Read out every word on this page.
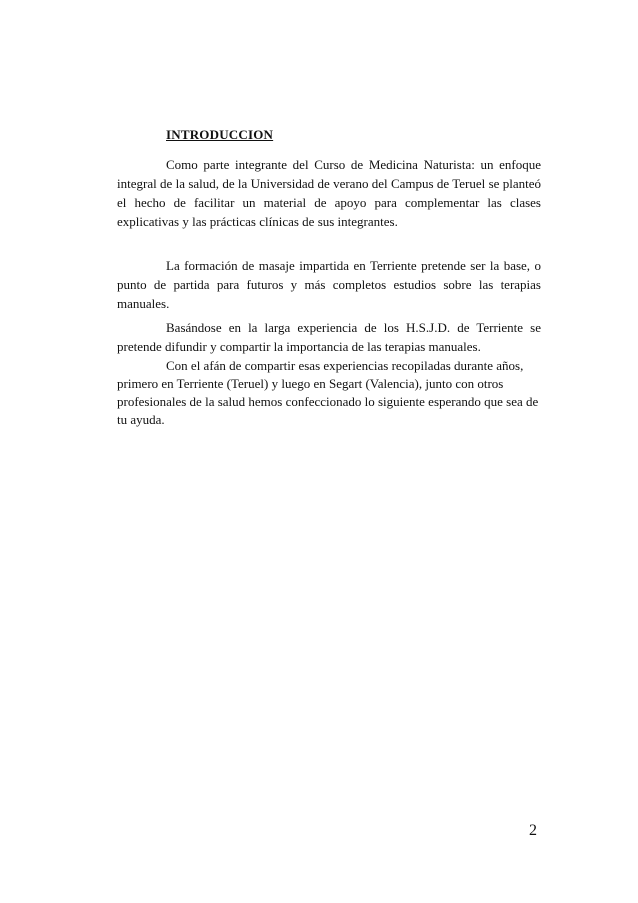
INTRODUCCION

Como parte integrante del Curso de Medicina Naturista: un enfoque integral de la salud, de la Universidad de verano del Campus de Teruel se planteó el hecho de facilitar un material de apoyo para complementar las clases explicativas y las prácticas clínicas de sus integrantes.

La formación de masaje impartida en Terriente pretende ser la base, o punto de partida para futuros y más completos estudios sobre las terapias manuales.

Basándose en la larga experiencia de los H.S.J.D. de Terriente se pretende difundir y compartir la importancia de las terapias manuales.

Con el afán de compartir esas experiencias recopiladas durante años, primero en Terriente (Teruel) y luego en Segart (Valencia), junto con otros profesionales de la salud hemos confeccionado lo siguiente esperando que sea de tu ayuda.

2
